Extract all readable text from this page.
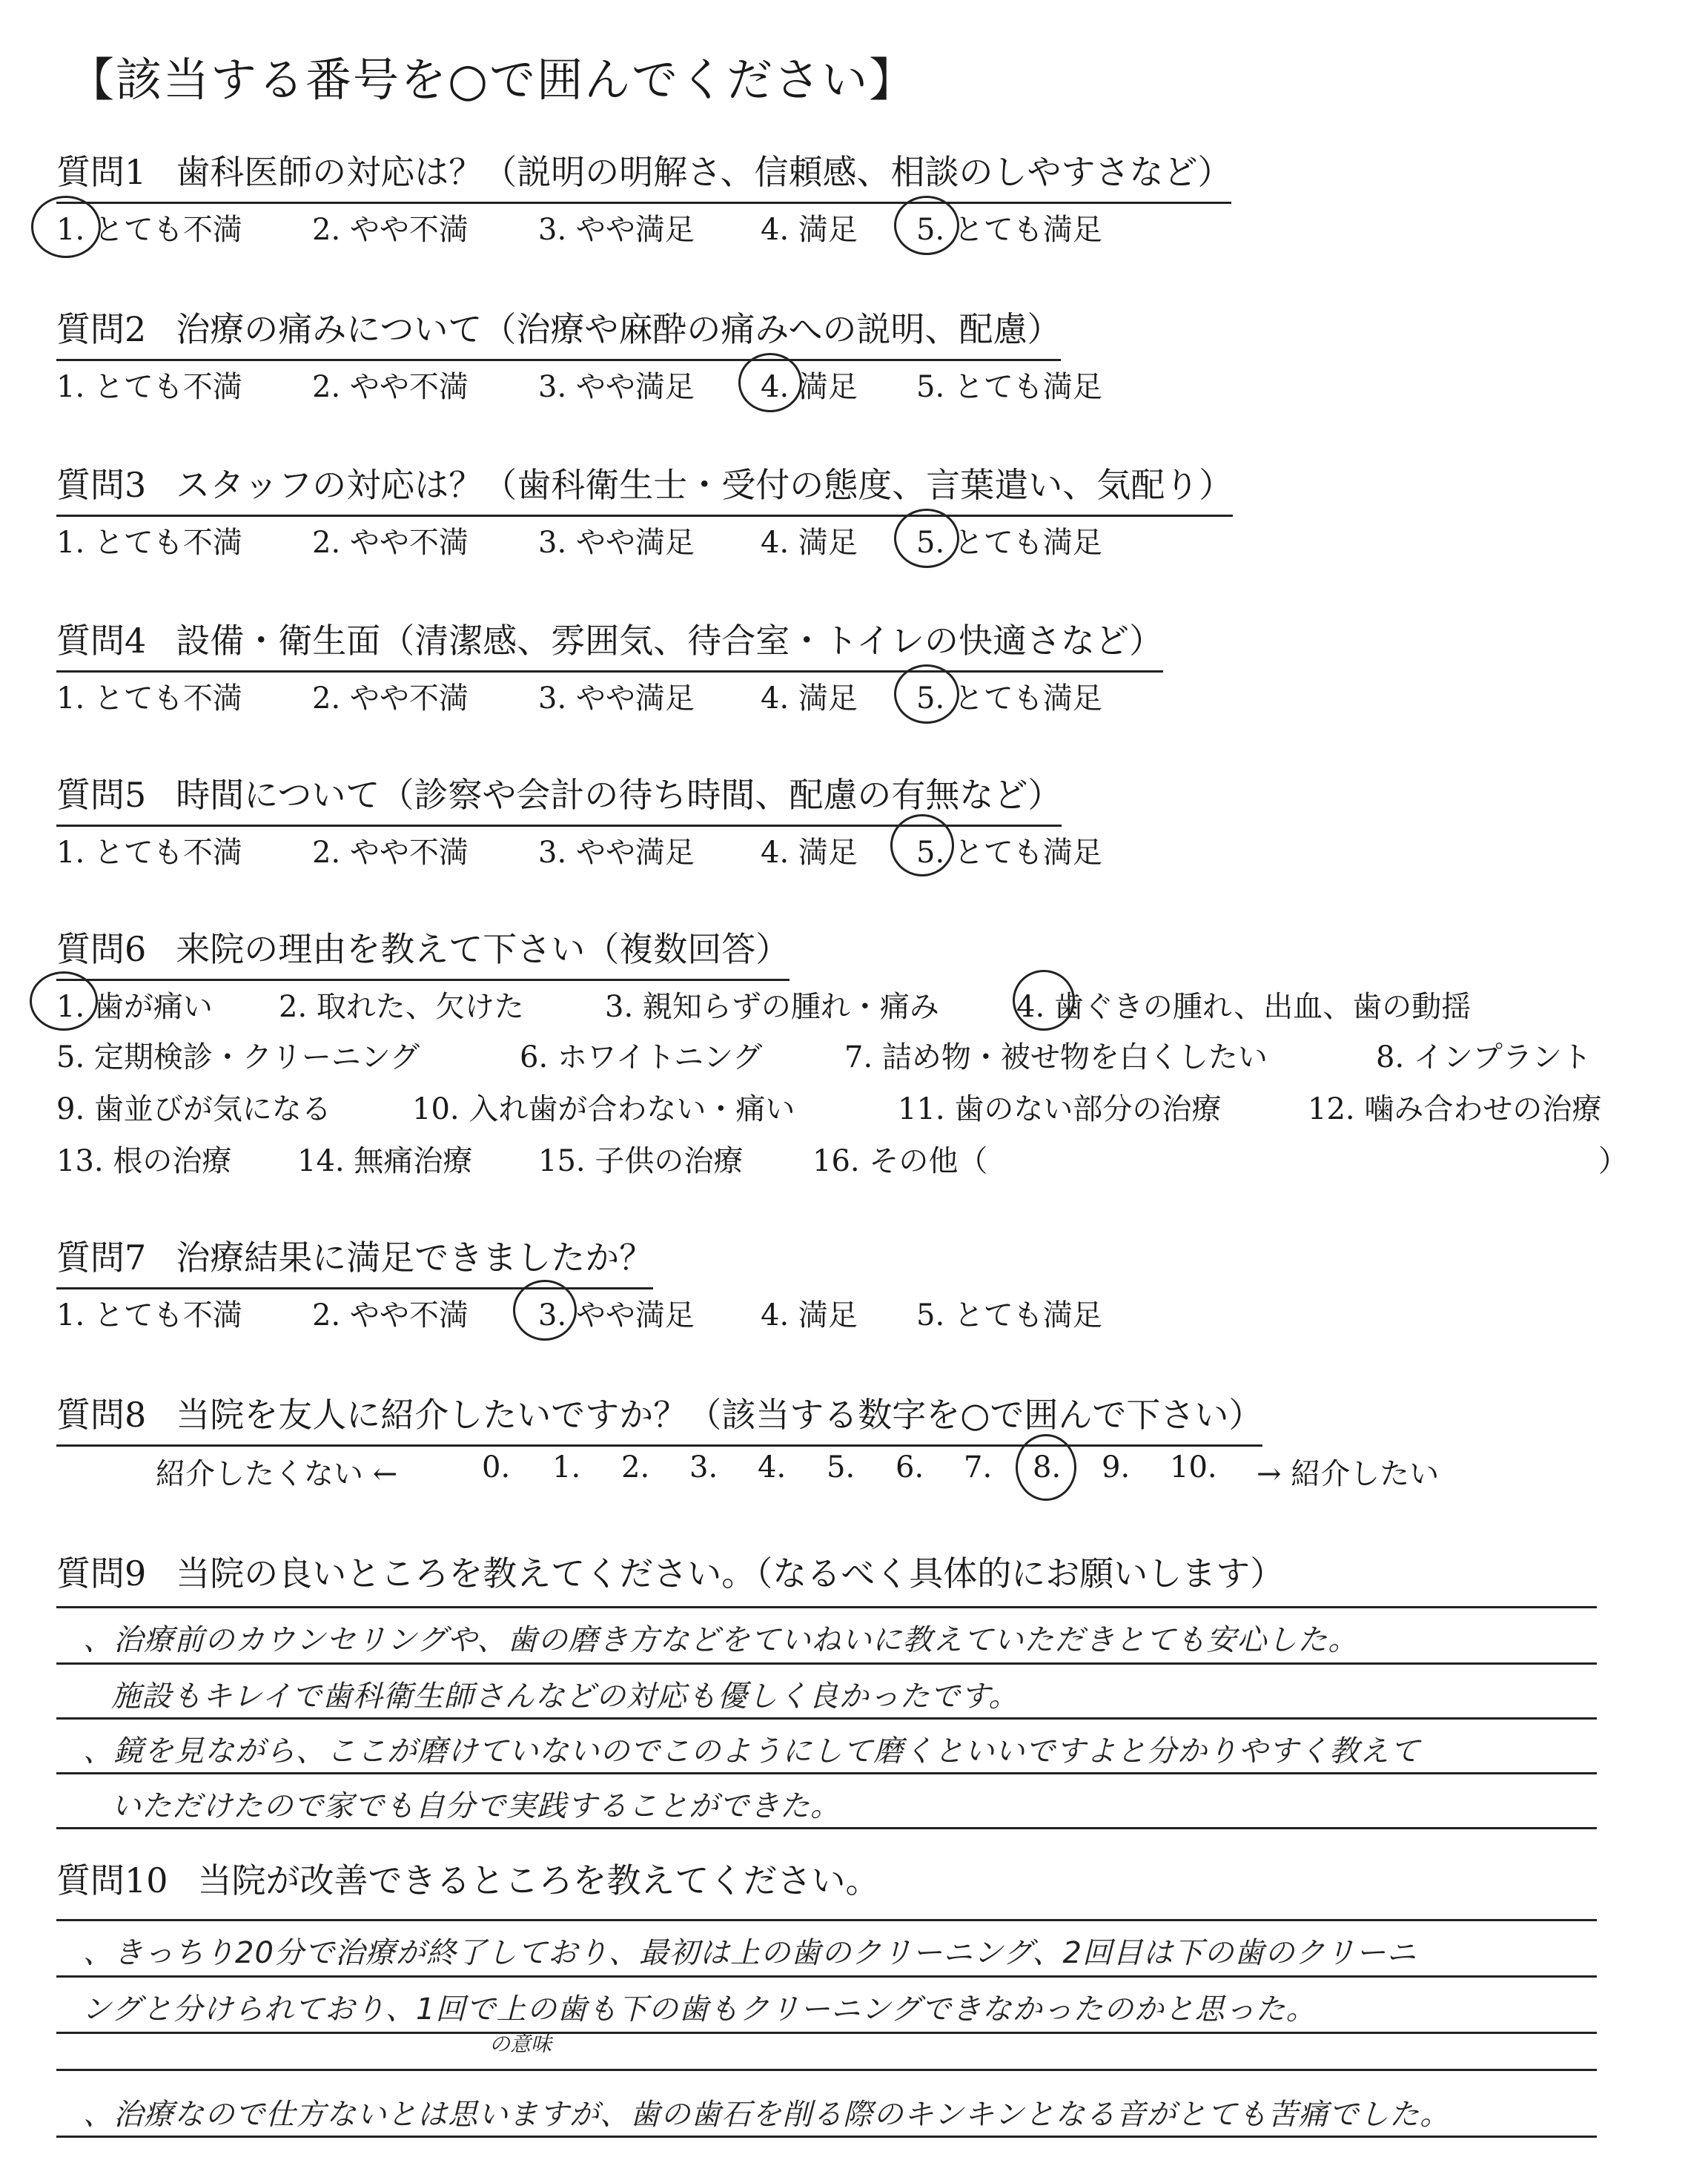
【該当する番号を○で囲んでください】
質問1 歯科医師の対応は？（説明の明解さ、信頼感、相談のしやすさなど）
1. とても不満 2. やや不満 3. やや満足 4. 満足 5. とても満足
質問2 治療の痛みについて（治療や麻酔の痛みへの説明、配慮）
1. とても不満 2. やや不満 3. やや満足 4. 満足 5. とても満足
質問3 スタッフの対応は？（歯科衛生士・受付の態度、言葉遣い、気配り）
1. とても不満 2. やや不満 3. やや満足 4. 満足 5. とても満足
質問4 設備・衛生面（清潔感、雰囲気、待合室・トイレの快適さなど）
1. とても不満 2. やや不満 3. やや満足 4. 満足 5. とても満足
質問5 時間について（診察や会計の待ち時間、配慮の有無など）
1. とても不満 2. やや不満 3. やや満足 4. 満足 5. とても満足
質問6 来院の理由を教えて下さい（複数回答）
1. 歯が痛い 2. 取れた、欠けた	3. 親知らずの腫れ・痛み	4. 歯ぐきの腫れ、出血、歯の動揺
5. 定期検診・クリーニング	6. ホワイトニング	7. 詰め物・被せ物を白くしたい	8. インプラント
9. 歯並びが気になる	10. 入れ歯が合わない・痛い	11. 歯のない部分の治療	12. 噛み合わせの治療
13. 根の治療 14. 無痛治療 15. 子供の治療 16. その他（	）
質問7 治療結果に満足できましたか？
1. とても不満 2. やや不満 3. やや満足 4. 満足 5. とても満足
質問8 当院を友人に紹介したいですか？（該当する数字を○で囲んで下さい）
紹介したくない ←	0. 1. 2. 3. 4. 5. 6. 7. 8. 9. 10. → 紹介したい
質問9 当院の良いところを教えてください。（なるべく具体的にお願いします）
、治療前のカウンセリングや、歯の磨き方などをていねいに教えていただきとても安心した。
施設もキレイで歯科衛生師さんなどの対応も優しく良かったです。
、鏡を見ながら、ここが磨けていないのでこのようにして磨くといいですよと分かりやすく教えて
いただけたので家でも自分で実践することができた。
質問10 当院が改善できるところを教えてください。
、きっちり20分で治療が終了しており、最初は上の歯のクリーニング、2回目は下の歯のクリーニ
ングと分けられており、1回で上の歯も下の歯もクリーニングできなかったのかと思った。
の意味
、治療なので仕方ないとは思いますが、歯の歯石を削る際のキンキンとなる音がとても苦痛でした。
